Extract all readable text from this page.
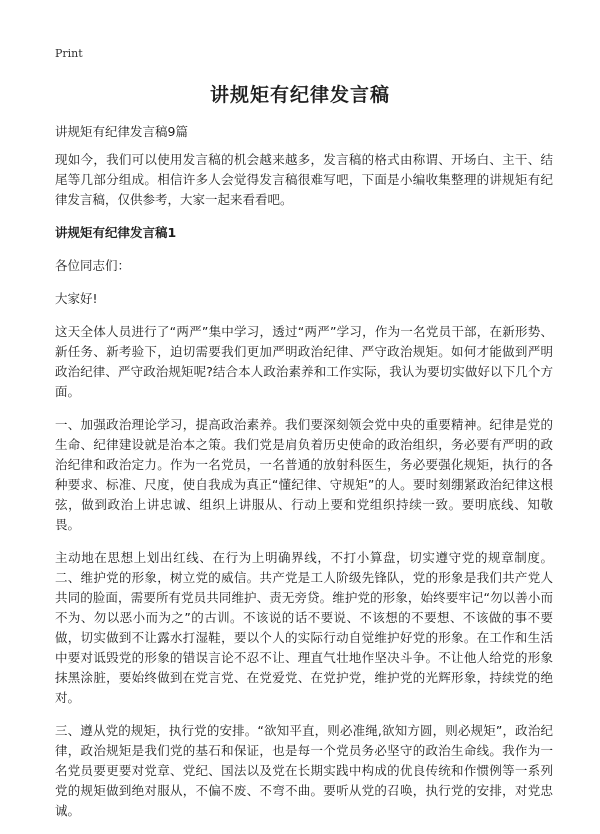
Print
讲规矩有纪律发言稿
讲规矩有纪律发言稿9篇

现如今，我们可以使用发言稿的机会越来越多，发言稿的格式由称谓、开场白、主干、结尾等几部分组成。相信许多人会觉得发言稿很难写吧，下面是小编收集整理的讲规矩有纪律发言稿，仅供参考，大家一起来看看吧。

讲规矩有纪律发言稿1

各位同志们：

大家好!

这天全体人员进行了“两严”集中学习，透过“两严”学习，作为一名党员干部，在新形势、新任务、新考验下，迫切需要我们更加严明政治纪律、严守政治规矩。如何才能做到严明政治纪律、严守政治规矩呢?结合本人政治素养和工作实际，我认为要切实做好以下几个方面。

一、加强政治理论学习，提高政治素养。我们要深刻领会党中央的重要精神。纪律是党的生命、纪律建设就是治本之策。我们党是肩负着历史使命的政治组织，务必要有严明的政治纪律和政治定力。作为一名党员，一名普通的放射科医生，务必要强化规矩，执行的各种要求、标准、尺度，使自我成为真正“懂纪律、守规矩”的人。要时刻绷紧政治纪律这根弦，做到政治上讲忠诚、组织上讲服从、行动上要和党组织持续一致。要明底线、知敬畏。

主动地在思想上划出红线、在行为上明确界线，不打小算盘，切实遵守党的规章制度。二、维护党的形象，树立党的威信。共产党是工人阶级先锋队，党的形象是我们共产党人共同的脸面，需要所有党员共同维护、责无旁贷。维护党的形象，始终要牢记“勿以善小而不为、勿以恶小而为之”的古训。不该说的话不要说、不该想的不要想、不该做的事不要做，切实做到不让露水打湿鞋，要以个人的实际行动自觉维护好党的形象。在工作和生活中要对诋毁党的形象的错误言论不忍不让、理直气壮地作坚决斗争。不让他人给党的形象抹黑涂脏，要始终做到在党言党、在党爱党、在党护党，维护党的光辉形象，持续党的绝对。

三、遵从党的规矩，执行党的安排。“欲知平直，则必准绳,欲知方圆，则必规矩”，政治纪律，政治规矩是我们党的基石和保证，也是每一个党员务必坚守的政治生命线。我作为一名党员要更要对党章、党纪、国法以及党在长期实践中构成的优良传统和作惯例等一系列党的规矩做到绝对服从，不偏不废、不弯不曲。要听从党的召唤，执行党的安排，对党忠诚。
